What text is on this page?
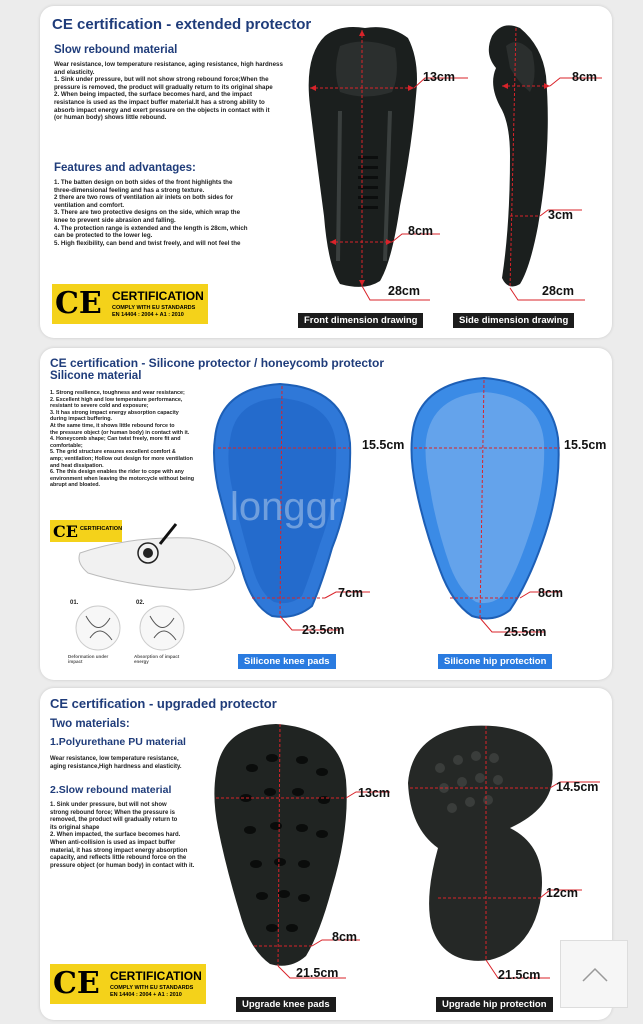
CE certification - extended protector
Slow rebound material
Wear resistance, low temperature resistance, aging resistance, high hardness
and elasticity.
1. Sink under pressure, but will not show strong rebound force;When the
pressure is removed, the product will gradually return to its original shape
2. When being impacted, the surface becomes hard, and the impact
resistance is used as the impact buffer material.It has a strong ability to
absorb impact energy and exert pressure on the objects in contact with it
(or human body) shows little rebound.
Features and advantages:
1. The batten design on both sides of the front highlights the
three-dimensional feeling and has a strong texture.
2 there are two rows of ventilation air inlets on both sides for
ventilation and comfort.
3. There are two protective designs on the side, which wrap the
knee to prevent side abrasion and falling.
4. The protection range is extended and the length is 28cm, which
can be protected to the lower leg.
5. High flexibility, can bend and twist freely, and will not feel the
CE CERTIFICATION
COMPLY WITH EU STANDARDS
EN 14404 : 2004 + A1 : 2010
13cm
8cm
28cm
8cm
3cm
28cm
Front dimension drawing	Side dimension drawing
CE certification - Silicone protector / honeycomb protector
Silicone material
1. Strong resilience, toughness and wear resistance;
2. Excellent high and low temperature performance,
resistant to severe cold and exposure;
3. It has strong impact energy absorption capacity
during impact buffering.
At the same time, it shows little rebound force to
the pressure object (or human body) in contact with it.
4. Honeycomb shape; Can twist freely, more fit and
comfortable;
5. The grid structure ensures excellent comfort &
amp; ventilation; Hollow out design for more ventilation
and heat dissipation.
6. The this design enables the rider to cope with any
environment when leaving the motorcycle without being
abrupt and bloated.
CE CERTIFICATION	longgr arn
01.	02.
Deformation under
impact
Absorption of impact
energy
15.5cm
7cm
23.5cm
15.5cm
8cm
25.5cm
Silicone knee pads	Silicone hip protection
CE certification - upgraded protector
Two materials:
1.Polyurethane PU material
Wear resistance, low temperature resistance,
aging resistance,High hardness and elasticity.
2.Slow rebound material
1. Sink under pressure, but will not show
strong rebound force; When the pressure is
removed, the product will gradually return to
its original shape
2. When impacted, the surface becomes hard.
When anti-collision is used as impact buffer
material, it has strong impact energy absorption
capacity, and reflects little rebound force on the
pressure object (or human body) in contact with it.
CE CERTIFICATION
COMPLY WITH EU STANDARDS
EN 14404 : 2004 + A1 : 2010
13cm
8cm
21.5cm
14.5cm
12cm
21.5cm
Upgrade knee pads	Upgrade hip protection
